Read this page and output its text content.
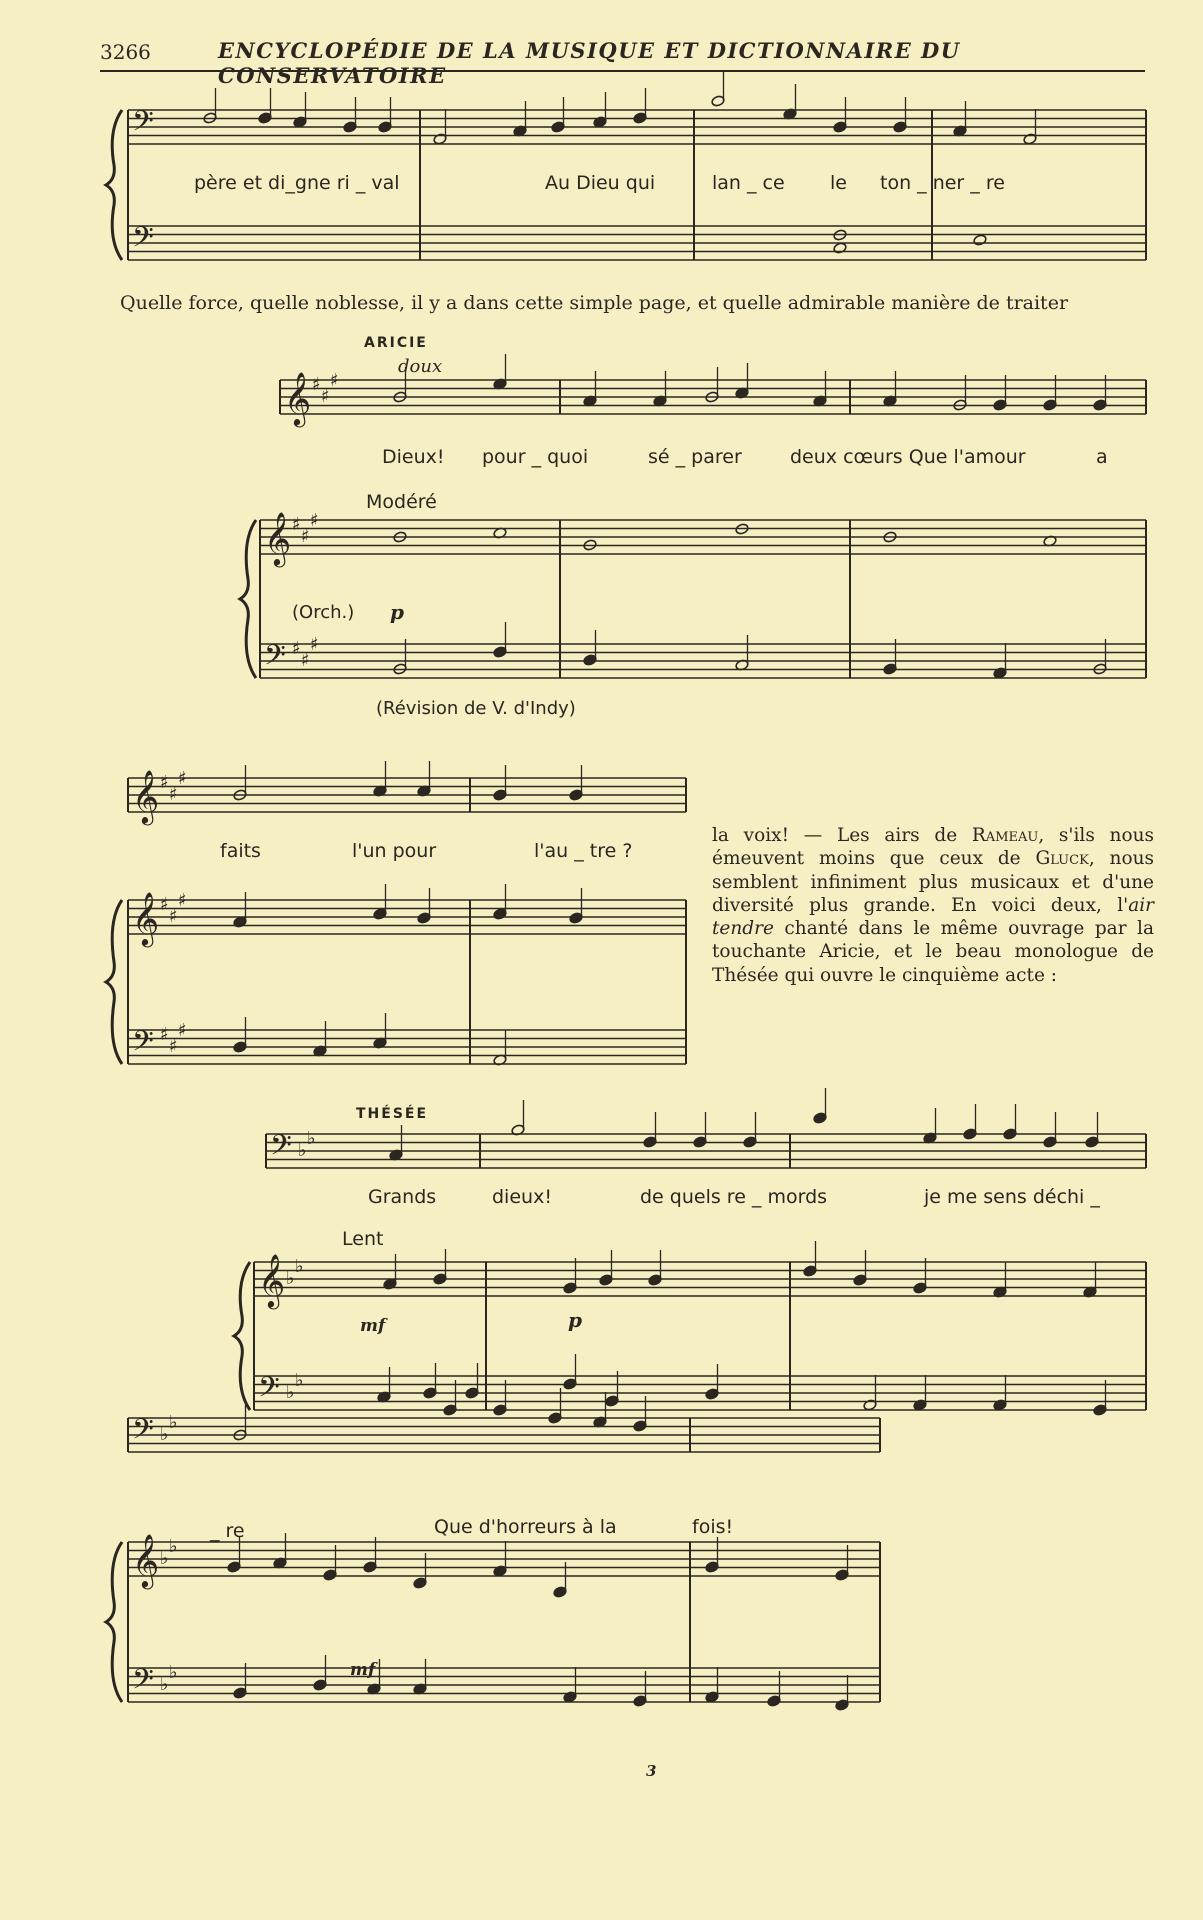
3266	ENCYCLOPÉDIE DE LA MUSIQUE ET DICTIONNAIRE DU CONSERVATOIRE
𝄢
𝄢
𝄞 ♯
♯
♯
𝄞
𝄢
♯
♯
♯
♯
♯
♯
𝄞
𝄞
𝄢
♯
♯
♯
♯
♯
♯
♯
♯
♯
𝄢 ♭
♭
𝄞
𝄢
♭
♭
♭
♭
𝄢
𝄞
𝄢
♭
♭
♭
♭
♭
♭
père et di_gne ri _ val	Au Dieu qui	lan _ ce le ton _ ner _ re
Quelle force, quelle noblesse, il y a dans cette simple page, et quelle admirable manière de traiter
ARICIE
doux
Dieux! pour _ quoi	sé _ parer	deux cœurs Que l'amour	a
Modéré
(Orch.) p
(Révision de V. d'Indy)
faits	l'un pour	l'au _ tre ?
la voix! — Les airs de Rameau, s'ils nous émeuvent moins que ceux de Gluck, nous semblent infiniment plus musicaux et d'une diversité plus grande. En voici deux, l'air tendre chanté dans le même ouvrage par la touchante Aricie, et le beau monologue de Thésée qui ouvre le cinquième acte :
THÉSÉE
Grands	dieux!	de quels re _ mords	je me sens déchi _
Lent
mf	p
_ re	Que d'horreurs à la	fois!
mf
3
